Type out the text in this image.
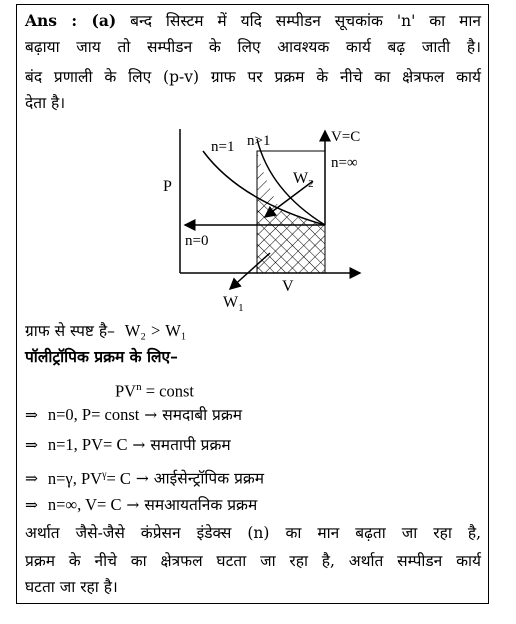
Ans : (a) बन्द सिस्टम में यदि सम्पीडन सूचकांक 'n' का मान
बढ़ाया जाय तो सम्पीडन के लिए आवश्यक कार्य बढ़ जाती है।
बंद प्रणाली के लिए (p-v) ग्राफ पर प्रक्रम के नीचे का क्षेत्रफल कार्य
देता है।
P
V
n=1 n>1	V=C
n=∞
n=0
$W_2$
$W_1$
ग्राफ से स्पष्ट है– W₂ > W₁
पॉलीट्रॉपिक प्रक्रम के लिए–
$PV^n$ = const
⇒ n=0, P= const → समदाबी प्रक्रम
⇒ n=1, PV= C → समतापी प्रक्रम
⇒ n=γ, $PV^\gamma= C$ → आईसेन्ट्रॉपिक प्रक्रम
⇒ n=∞, V= C → समआयतनिक प्रक्रम
अर्थात जैसे-जैसे कंप्रेसन इंडेक्स (n) का मान बढ़ता जा रहा है,
प्रक्रम के नीचे का क्षेत्रफल घटता जा रहा है, अर्थात सम्पीडन कार्य
घटता जा रहा है।
